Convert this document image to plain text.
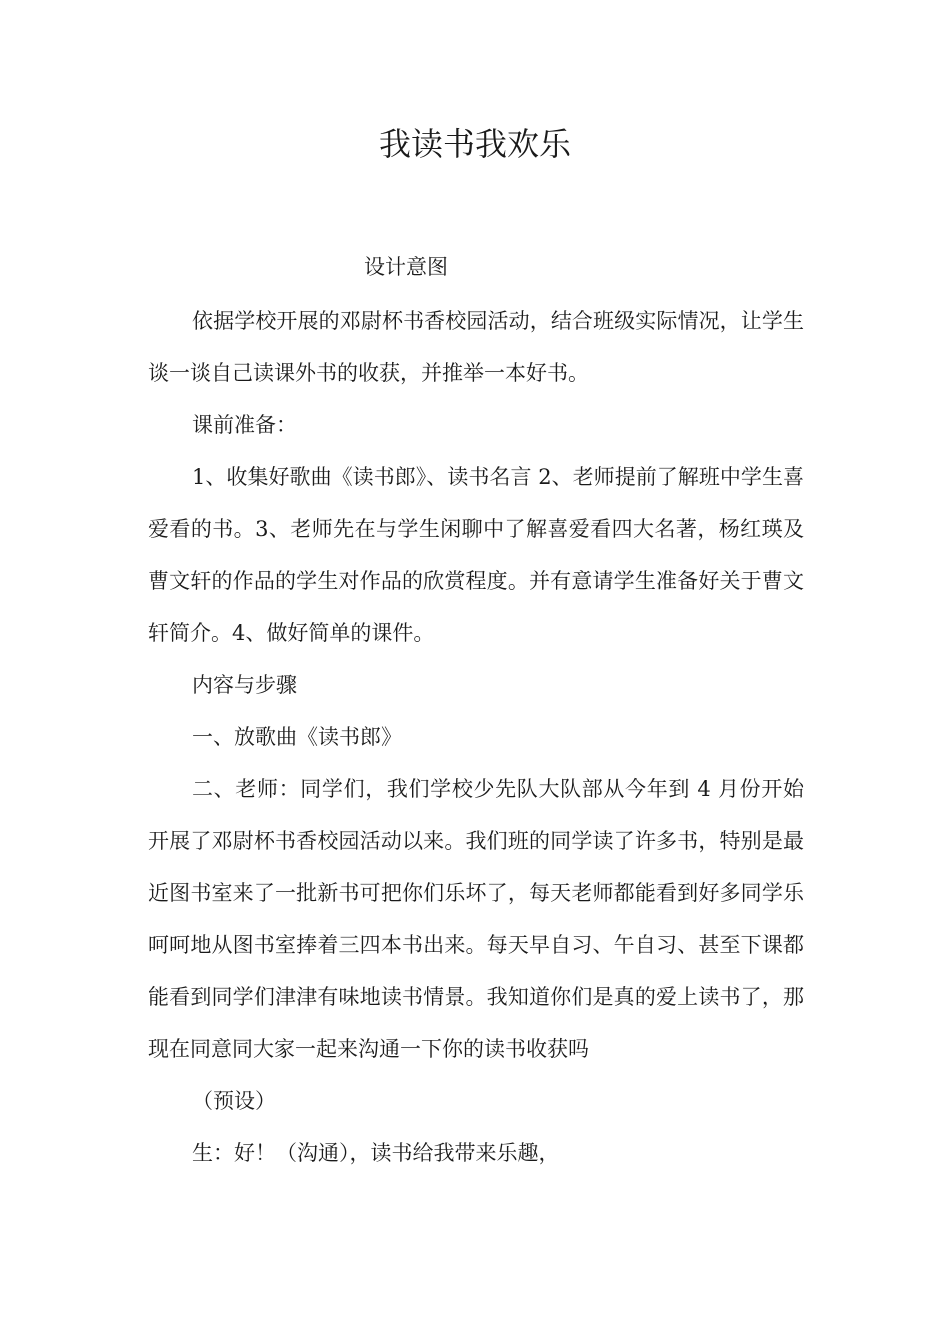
我读书我欢乐
设计意图

依据学校开展的邓尉杯书香校园活动，结合班级实际情况，让学生谈一谈自己读课外书的收获，并推举一本好书。

课前准备：

1、收集好歌曲《读书郎》、读书名言 2、老师提前了解班中学生喜爱看的书。3、老师先在与学生闲聊中了解喜爱看四大名著，杨红瑛及曹文轩的作品的学生对作品的欣赏程度。并有意请学生准备好关于曹文轩简介。4、做好简单的课件。

内容与步骤

一、放歌曲《读书郎》

二、老师：同学们，我们学校少先队大队部从今年到 4 月份开始开展了邓尉杯书香校园活动以来。我们班的同学读了许多书，特别是最近图书室来了一批新书可把你们乐坏了，每天老师都能看到好多同学乐呵呵地从图书室捧着三四本书出来。每天早自习、午自习、甚至下课都能看到同学们津津有味地读书情景。我知道你们是真的爱上读书了，那现在同意同大家一起来沟通一下你的读书收获吗

（预设）

生：好！（沟通），读书给我带来乐趣，
